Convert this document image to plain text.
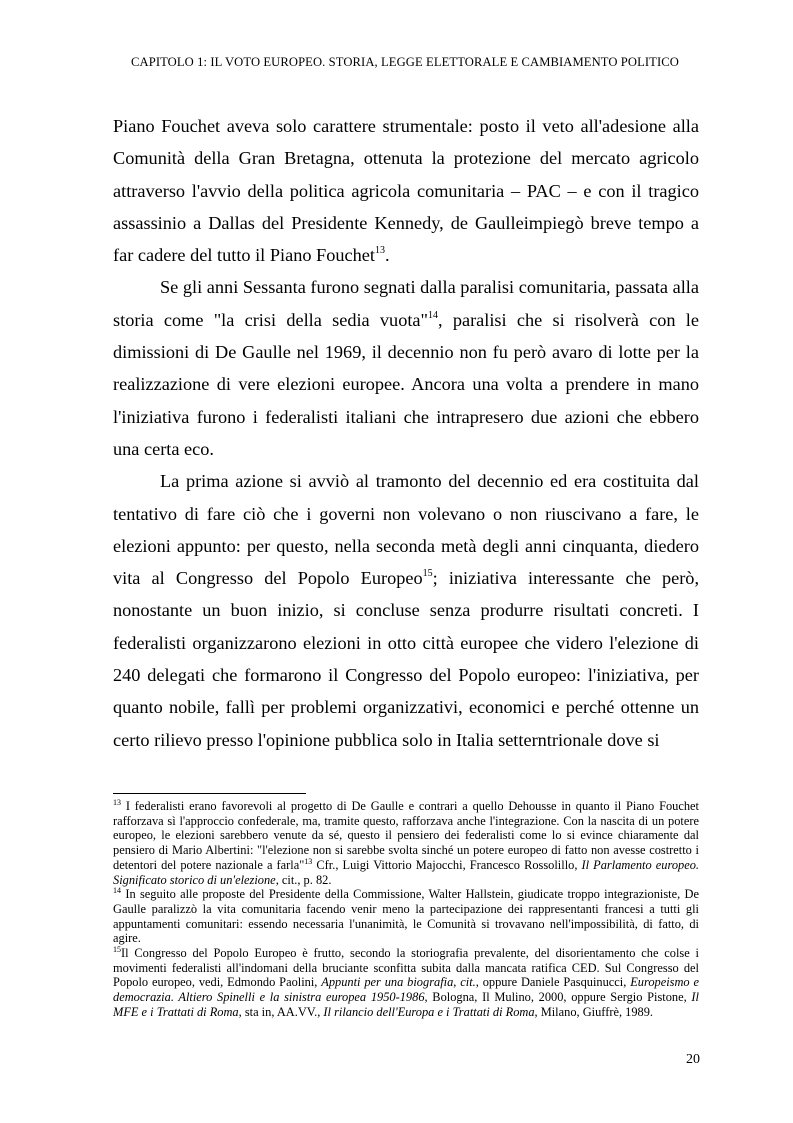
CAPITOLO 1: IL VOTO EUROPEO. STORIA, LEGGE ELETTORALE E CAMBIAMENTO POLITICO

Piano Fouchet aveva solo carattere strumentale: posto il veto all'adesione alla Comunità della Gran Bretagna, ottenuta la protezione del mercato agricolo attraverso l'avvio della politica agricola comunitaria – PAC – e con il tragico assassinio a Dallas del Presidente Kennedy, de Gaulleimpiegò breve tempo a far cadere del tutto il Piano Fouchet$^{13}$.

Se gli anni Sessanta furono segnati dalla paralisi comunitaria, passata alla storia come "la crisi della sedia vuota"$^{14}$, paralisi che si risolverà con le dimissioni di De Gaulle nel 1969, il decennio non fu però avaro di lotte per la realizzazione di vere elezioni europee. Ancora una volta a prendere in mano l'iniziativa furono i federalisti italiani che intrapresero due azioni che ebbero una certa eco.

La prima azione si avviò al tramonto del decennio ed era costituita dal tentativo di fare ciò che i governi non volevano o non riuscivano a fare, le elezioni appunto: per questo, nella seconda metà degli anni cinquanta, diedero vita al Congresso del Popolo Europeo$^{15}$; iniziativa interessante che però, nonostante un buon inizio, si concluse senza produrre risultati concreti. I federalisti organizzarono elezioni in otto città europee che videro l'elezione di 240 delegati che formarono il Congresso del Popolo europeo: l'iniziativa, per quanto nobile, fallì per problemi organizzativi, economici e perché ottenne un certo rilievo presso l'opinione pubblica solo in Italia setterntrionale dove si

$^{13}$ I federalisti erano favorevoli al progetto di De Gaulle e contrari a quello Dehousse in quanto il Piano Fouchet rafforzava sì l'approccio confederale, ma, tramite questo, rafforzava anche l'integrazione. Con la nascita di un potere europeo, le elezioni sarebbero venute da sé, questo il pensiero dei federalisti come lo si evince chiaramente dal pensiero di Mario Albertini: "l'elezione non si sarebbe svolta sinché un potere europeo di fatto non avesse costretto i detentori del potere nazionale a farla"$^{13}$ Cfr., Luigi Vittorio Majocchi, Francesco Rossolillo, Il Parlamento europeo. Significato storico di un'elezione, cit., p. 82.

$^{14}$ In seguito alle proposte del Presidente della Commissione, Walter Hallstein, giudicate troppo integrazioniste, De Gaulle paralizzò la vita comunitaria facendo venir meno la partecipazione dei rappresentanti francesi a tutti gli appuntamenti comunitari: essendo necessaria l'unanimità, le Comunità si trovavano nell'impossibilità, di fatto, di agire.

$^{15}$Il Congresso del Popolo Europeo è frutto, secondo la storiografia prevalente, del disorientamento che colse i movimenti federalisti all'indomani della bruciante sconfitta subita dalla mancata ratifica CED. Sul Congresso del Popolo europeo, vedi, Edmondo Paolini, Appunti per una biografia, cit., oppure Daniele Pasquinucci, Europeismo e democrazia. Altiero Spinelli e la sinistra europea 1950-1986, Bologna, Il Mulino, 2000, oppure Sergio Pistone, Il MFE e i Trattati di Roma, sta in, AA.VV., Il rilancio dell'Europa e i Trattati di Roma, Milano, Giuffrè, 1989.

20
